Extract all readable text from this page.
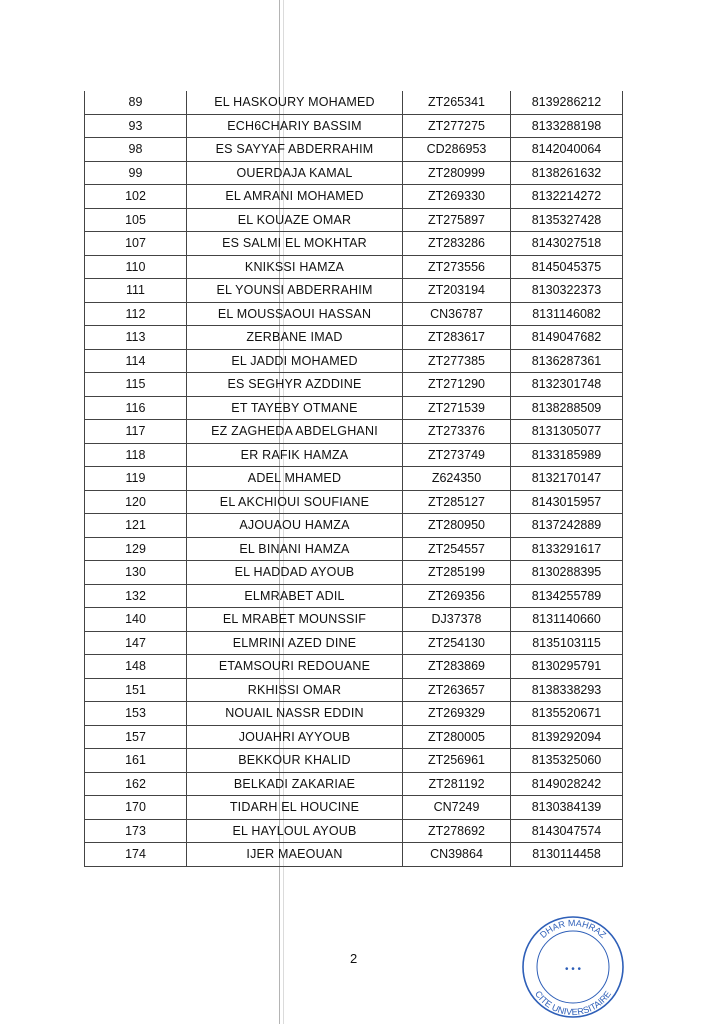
89	EL HASKOURY MOHAMED	ZT265341	8139286212
93	ECH6CHARIY BASSIM	ZT277275	8133288198
98	ES SAYYAF ABDERRAHIM	CD286953	8142040064
99	OUERDAJA KAMAL	ZT280999	8138261632
102	EL AMRANI MOHAMED	ZT269330	8132214272
105	EL KOUAZE OMAR	ZT275897	8135327428
107	ES SALMI EL MOKHTAR	ZT283286	8143027518
110	KNIKSSI HAMZA	ZT273556	8145045375
111	EL YOUNSI ABDERRAHIM	ZT203194	8130322373
112	EL MOUSSAOUI HASSAN	CN36787	8131146082
113	ZERBANE IMAD	ZT283617	8149047682
114	EL JADDI MOHAMED	ZT277385	8136287361
115	ES SEGHYR AZDDINE	ZT271290	8132301748
116	ET TAYEBY OTMANE	ZT271539	8138288509
117	EZ ZAGHEDA ABDELGHANI	ZT273376	8131305077
118	ER RAFIK HAMZA	ZT273749	8133185989
119	ADEL MHAMED	Z624350	8132170147
120	EL AKCHIOUI SOUFIANE	ZT285127	8143015957
121	AJOUAOU HAMZA	ZT280950	8137242889
129	EL BINANI HAMZA	ZT254557	8133291617
130	EL HADDAD AYOUB	ZT285199	8130288395
132	ELMRABET ADIL	ZT269356	8134255789
140	EL MRABET MOUNSSIF	DJ37378	8131140660
147	ELMRINI AZED DINE	ZT254130	8135103115
148	ETAMSOURI REDOUANE	ZT283869	8130295791
151	RKHISSI OMAR	ZT263657	8138338293
153	NOUAIL NASSR EDDIN	ZT269329	8135520671
157	JOUAHRI AYYOUB	ZT280005	8139292094
161	BEKKOUR KHALID	ZT256961	8135325060
162	BELKADI ZAKARIAE	ZT281192	8149028242
170	TIDARH EL HOUCINE	CN7249	8130384139
173	EL HAYLOUL AYOUB	ZT278692	8143047574
174	IJER MAEOUAN	CN39864	8130114458
2
DHAR MAHRAZ
CITE UNIVERSITAIRE
• • •
